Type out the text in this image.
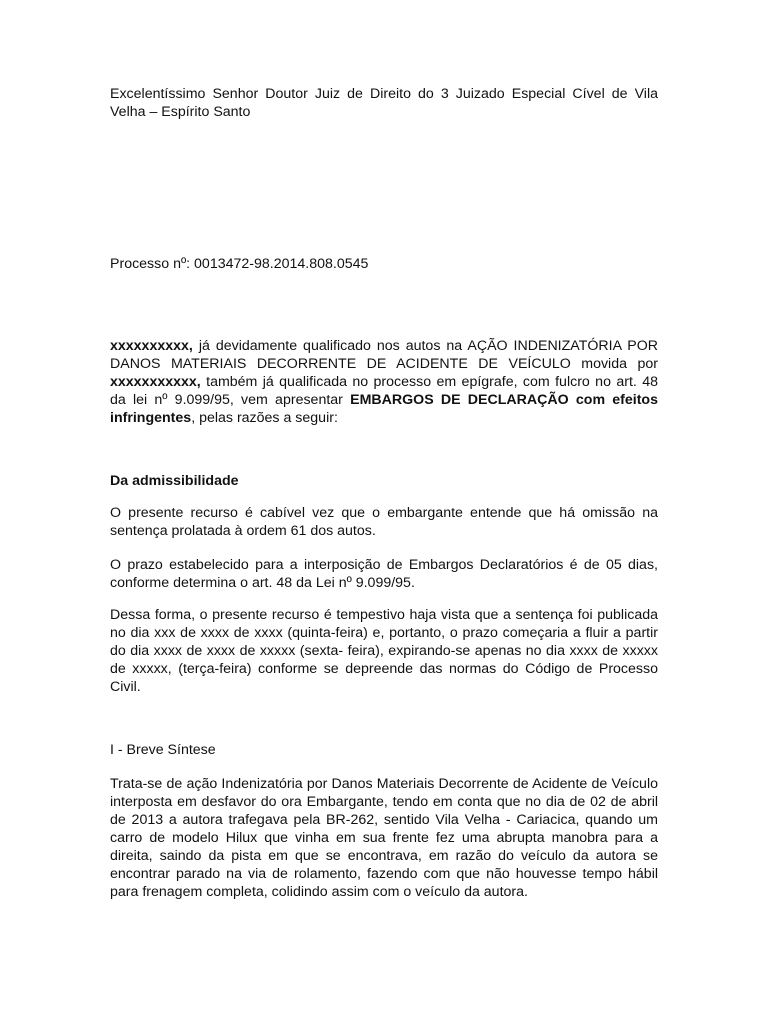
Excelentíssimo Senhor Doutor Juiz de Direito do 3 Juizado Especial Cível de Vila Velha – Espírito Santo

Processo nº: 0013472-98.2014.808.0545

xxxxxxxxxx, já devidamente qualificado nos autos na AÇÃO INDENIZATÓRIA POR DANOS MATERIAIS DECORRENTE DE ACIDENTE DE VEÍCULO movida por xxxxxxxxxxx, também já qualificada no processo em epígrafe, com fulcro no art. 48 da lei nº 9.099/95, vem apresentar EMBARGOS DE DECLARAÇÃO com efeitos infringentes, pelas razões a seguir:

Da admissibilidade

O presente recurso é cabível vez que o embargante entende que há omissão na sentença prolatada à ordem 61 dos autos.

O prazo estabelecido para a interposição de Embargos Declaratórios é de 05 dias, conforme determina o art. 48 da Lei nº 9.099/95.

Dessa forma, o presente recurso é tempestivo haja vista que a sentença foi publicada no dia xxx de xxxx de xxxx (quinta-feira) e, portanto, o prazo começaria a fluir a partir do dia xxxx de xxxx de xxxxx (sexta- feira), expirando-se apenas no dia xxxx de xxxxx de xxxxx, (terça-feira) conforme se depreende das normas do Código de Processo Civil.

I - Breve Síntese

Trata-se de ação Indenizatória por Danos Materiais Decorrente de Acidente de Veículo interposta em desfavor do ora Embargante, tendo em conta que no dia de 02 de abril de 2013 a autora trafegava pela BR-262, sentido Vila Velha - Cariacica, quando um carro de modelo Hilux que vinha em sua frente fez uma abrupta manobra para a direita, saindo da pista em que se encontrava, em razão do veículo da autora se encontrar parado na via de rolamento, fazendo com que não houvesse tempo hábil para frenagem completa, colidindo assim com o veículo da autora.
